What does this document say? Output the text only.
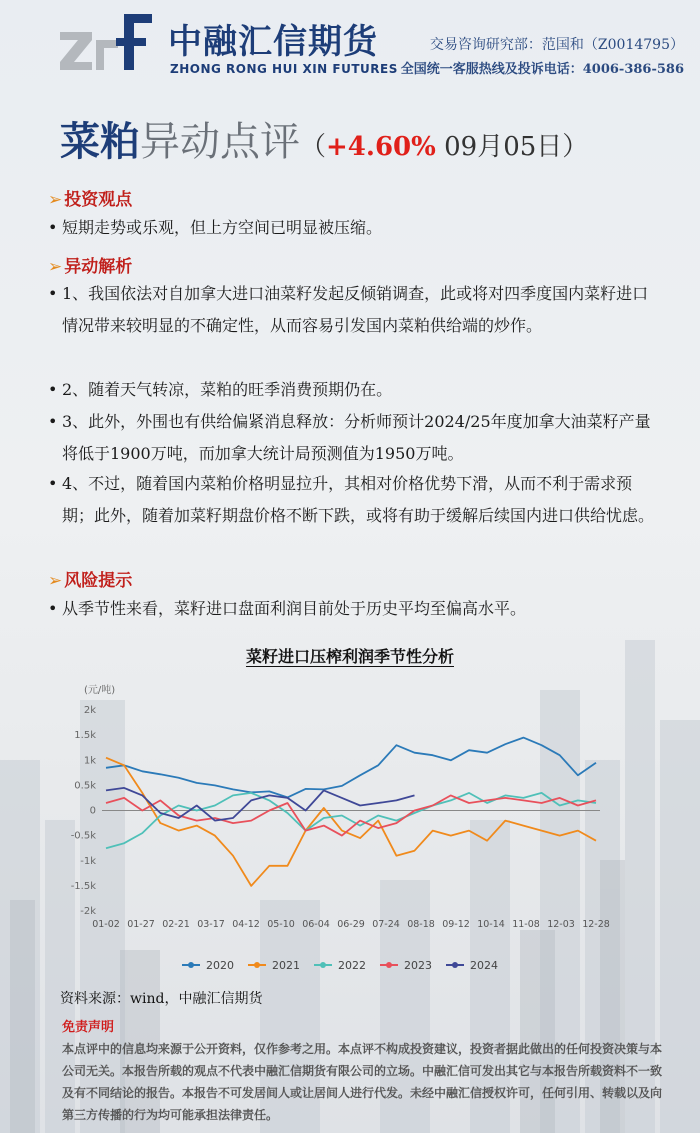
中融汇信期货
ZHONG RONG HUI XIN FUTURES
交易咨询研究部：范国和（Z0014795）
全国统一客服热线及投诉电话：4006-386-586
菜粕异动点评（+4.60% 09月05日）
➢ 投资观点
• 短期走势或乐观，但上方空间已明显被压缩。
➢ 异动解析
• 1、我国依法对自加拿大进口油菜籽发起反倾销调查，此或将对四季度国内菜籽进口情况带来较明显的不确定性，从而容易引发国内菜粕供给端的炒作。
• 2、随着天气转凉，菜粕的旺季消费预期仍在。
• 3、此外，外围也有供给偏紧消息释放：分析师预计2024/25年度加拿大油菜籽产量将低于1900万吨，而加拿大统计局预测值为1950万吨。
• 4、不过，随着国内菜粕价格明显拉升，其相对价格优势下滑，从而不利于需求预期；此外，随着加菜籽期盘价格不断下跌，或将有助于缓解后续国内进口供给忧虑。
➢ 风险提示
• 从季节性来看，菜籽进口盘面利润目前处于历史平均至偏高水平。
菜籽进口压榨利润季节性分析
(元/吨)
2k
1.5k
1k
0.5k
0
-0.5k
-1k
-1.5k
-2k
01-02 01-27 02-21 03-17 04-12 05-10 06-04 06-29 07-24 08-18 09-12 10-14 11-08 12-03 12-28
2020	2021	2022	2023	2024
资料来源：wind，中融汇信期货
免责声明
本点评中的信息均来源于公开资料，仅作参考之用。本点评不构成投资建议，投资者据此做出的任何投资决策与本公司无关。本报告所载的观点不代表中融汇信期货有限公司的立场。中融汇信可发出其它与本报告所载资料不一致及有不同结论的报告。本报告不可发居间人或让居间人进行代发。未经中融汇信授权许可，任何引用、转载以及向第三方传播的行为均可能承担法律责任。
